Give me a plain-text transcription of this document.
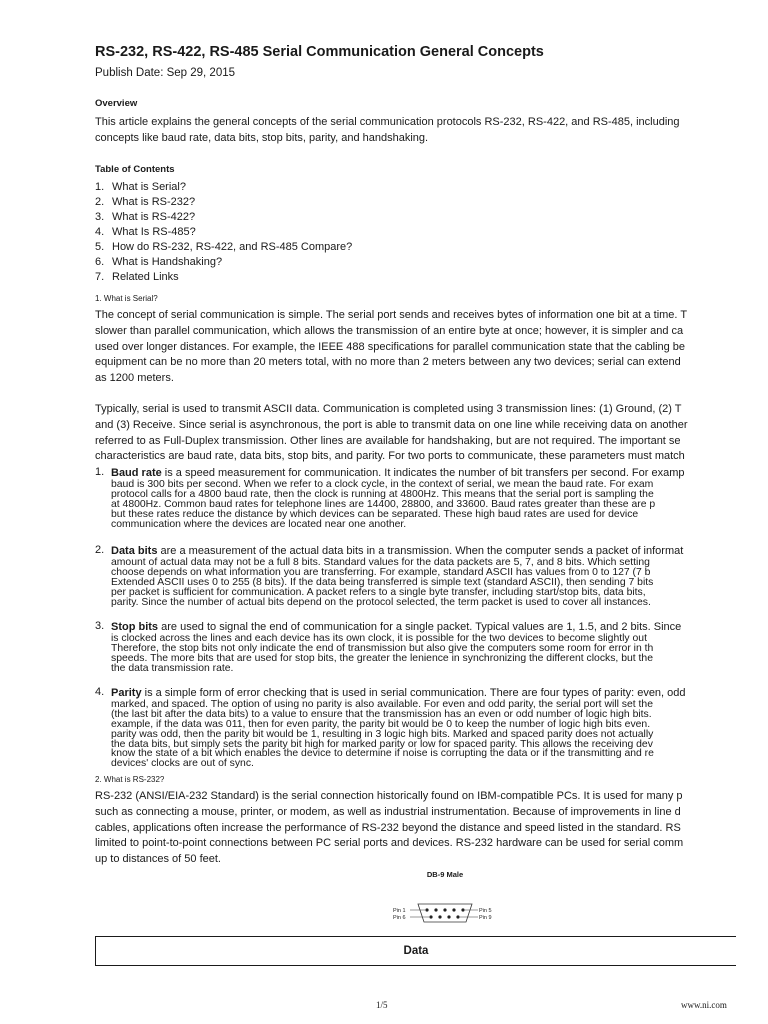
RS-232, RS-422, RS-485 Serial Communication General Concepts
Publish Date: Sep 29, 2015
Overview
This article explains the general concepts of the serial communication protocols RS-232, RS-422, and RS-485, including
concepts like baud rate, data bits, stop bits, parity, and handshaking.
Table of Contents
1. What is Serial?
2. What is RS-232?
3. What is RS-422?
4. What Is RS-485?
5. How do RS-232, RS-422, and RS-485 Compare?
6. What is Handshaking?
7. Related Links
1. What is Serial?
The concept of serial communication is simple. The serial port sends and receives bytes of information one bit at a time. T
slower than parallel communication, which allows the transmission of an entire byte at once; however, it is simpler and ca
used over longer distances. For example, the IEEE 488 specifications for parallel communication state that the cabling be
equipment can be no more than 20 meters total, with no more than 2 meters between any two devices; serial can extend
as 1200 meters.
Typically, serial is used to transmit ASCII data. Communication is completed using 3 transmission lines: (1) Ground, (2) T
and (3) Receive. Since serial is asynchronous, the port is able to transmit data on one line while receiving data on another
referred to as Full-Duplex transmission. Other lines are available for handshaking, but are not required. The important se
characteristics are baud rate, data bits, stop bits, and parity. For two ports to communicate, these parameters must match
1. Baud rate is a speed measurement for communication. It indicates the number of bit transfers per second. For examp
baud is 300 bits per second. When we refer to a clock cycle, in the context of serial, we mean the baud rate. For exam
protocol calls for a 4800 baud rate, then the clock is running at 4800Hz. This means that the serial port is sampling the
at 4800Hz. Common baud rates for telephone lines are 14400, 28800, and 33600. Baud rates greater than these are p
but these rates reduce the distance by which devices can be separated. These high baud rates are used for device
communication where the devices are located near one another.
2. Data bits are a measurement of the actual data bits in a transmission. When the computer sends a packet of informat
amount of actual data may not be a full 8 bits. Standard values for the data packets are 5, 7, and 8 bits. Which setting
choose depends on what information you are transferring. For example, standard ASCII has values from 0 to 127 (7 b
Extended ASCII uses 0 to 255 (8 bits). If the data being transferred is simple text (standard ASCII), then sending 7 bits
per packet is sufficient for communication. A packet refers to a single byte transfer, including start/stop bits, data bits,
parity. Since the number of actual bits depend on the protocol selected, the term packet is used to cover all instances.
3. Stop bits are used to signal the end of communication for a single packet. Typical values are 1, 1.5, and 2 bits. Since
is clocked across the lines and each device has its own clock, it is possible for the two devices to become slightly out
Therefore, the stop bits not only indicate the end of transmission but also give the computers some room for error in th
speeds. The more bits that are used for stop bits, the greater the lenience in synchronizing the different clocks, but the
the data transmission rate.
4. Parity is a simple form of error checking that is used in serial communication. There are four types of parity: even, odd
marked, and spaced. The option of using no parity is also available. For even and odd parity, the serial port will set the
(the last bit after the data bits) to a value to ensure that the transmission has an even or odd number of logic high bits.
example, if the data was 011, then for even parity, the parity bit would be 0 to keep the number of logic high bits even.
parity was odd, then the parity bit would be 1, resulting in 3 logic high bits. Marked and spaced parity does not actually
the data bits, but simply sets the parity bit high for marked parity or low for spaced parity. This allows the receiving dev
know the state of a bit which enables the device to determine if noise is corrupting the data or if the transmitting and re
devices' clocks are out of sync.
2. What is RS-232?
RS-232 (ANSI/EIA-232 Standard) is the serial connection historically found on IBM-compatible PCs. It is used for many p
such as connecting a mouse, printer, or modem, as well as industrial instrumentation. Because of improvements in line d
cables, applications often increase the performance of RS-232 beyond the distance and speed listed in the standard. RS
limited to point-to-point connections between PC serial ports and devices. RS-232 hardware can be used for serial comm
up to distances of 50 feet.
DB-9 Male
Pin 1
Pin 6
Pin 5
Pin 9
Data
1/5	www.ni.com
